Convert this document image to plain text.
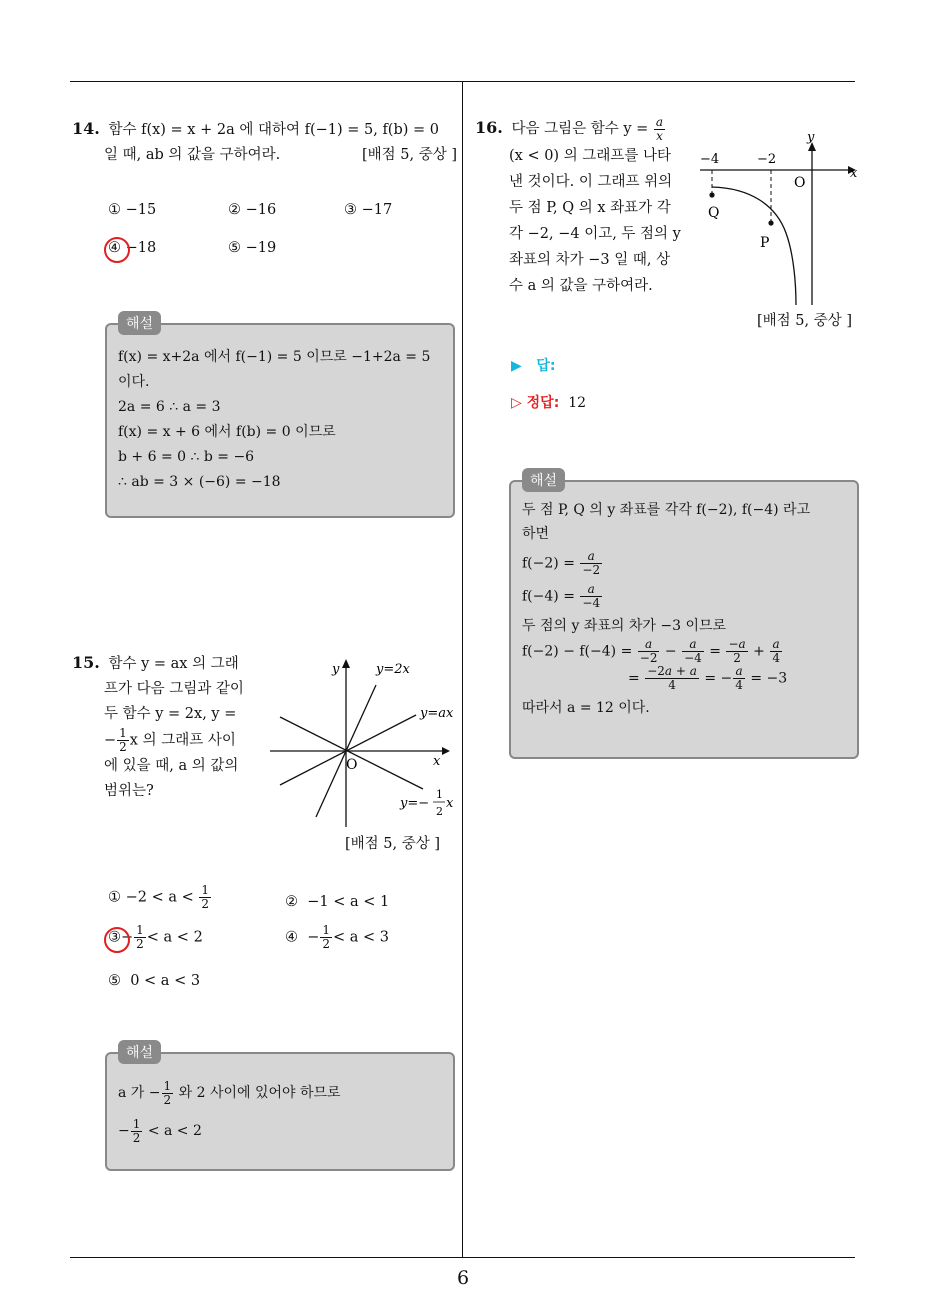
14. 함수 f(x) = x + 2a 에 대하여 f(−1) = 5, f(b) = 0
일 때, ab 의 값을 구하여라.	[배점 5, 중상 ]
① −15	② −16	③ −17
④ −18	⑤ −19
f(x) = x+2a 에서 f(−1) = 5 이므로 −1+2a = 5
이다.
2a = 6 ∴ a = 3
f(x) = x + 6 에서 f(b) = 0 이므로
b + 6 = 0 ∴ b = −6
∴ ab = 3 × (−6) = −18
해설
15. 함수 y = ax 의 그래
프가 다음 그림과 같이
두 함수 y = 2x, y =
− $\frac{1}{2}$ x 의 그래프 사이
에 있을 때, a 의 값의
범위는?
y
x
O
y=2x
y=ax
y=−
1
2
x
[배점 5, 중상 ]
① $-2 < a < \frac{1}{2}$	② −1 < a < 1
③− $\frac{1}{2} < a < 2$	④ − $\frac{1}{2} < a < 3$
⑤ 0 < a < 3
a 가 − $\frac{1}{2}$ 와 2 사이에 있어야 하므로
− $\frac{1}{2} < a < 2$
해설
16. 다음 그림은 함수 $y = \frac{a}{x}$
(x < 0) 의 그래프를 나타
낸 것이다. 이 그래프 위의
두 점 P, Q 의 x 좌표가 각
각 −2, −4 이고, 두 점의 y
좌표의 차가 −3 일 때, 상
수 a 의 값을 구하여라.
y
x
O
−4	−2
Q
P
[배점 5, 중상 ]
▶ 답:
▷ 정답: 12
두 점 P, Q 의 y 좌표를 각각 f(−2), f(−4) 라고
하면
$f(-2) = \frac{a}{-2}$
$f(-4) = \frac{a}{-4}$
두 점의 y 좌표의 차가 −3 이므로
$f(-2) - f(-4) = \frac{a}{-2} - \frac{a}{-4} = \frac{-a}{2} + \frac{a}{4}$
= $\frac{-2a + a}{4}$ = − $\frac{a}{4} = -3$
따라서 a = 12 이다.
해설
6
